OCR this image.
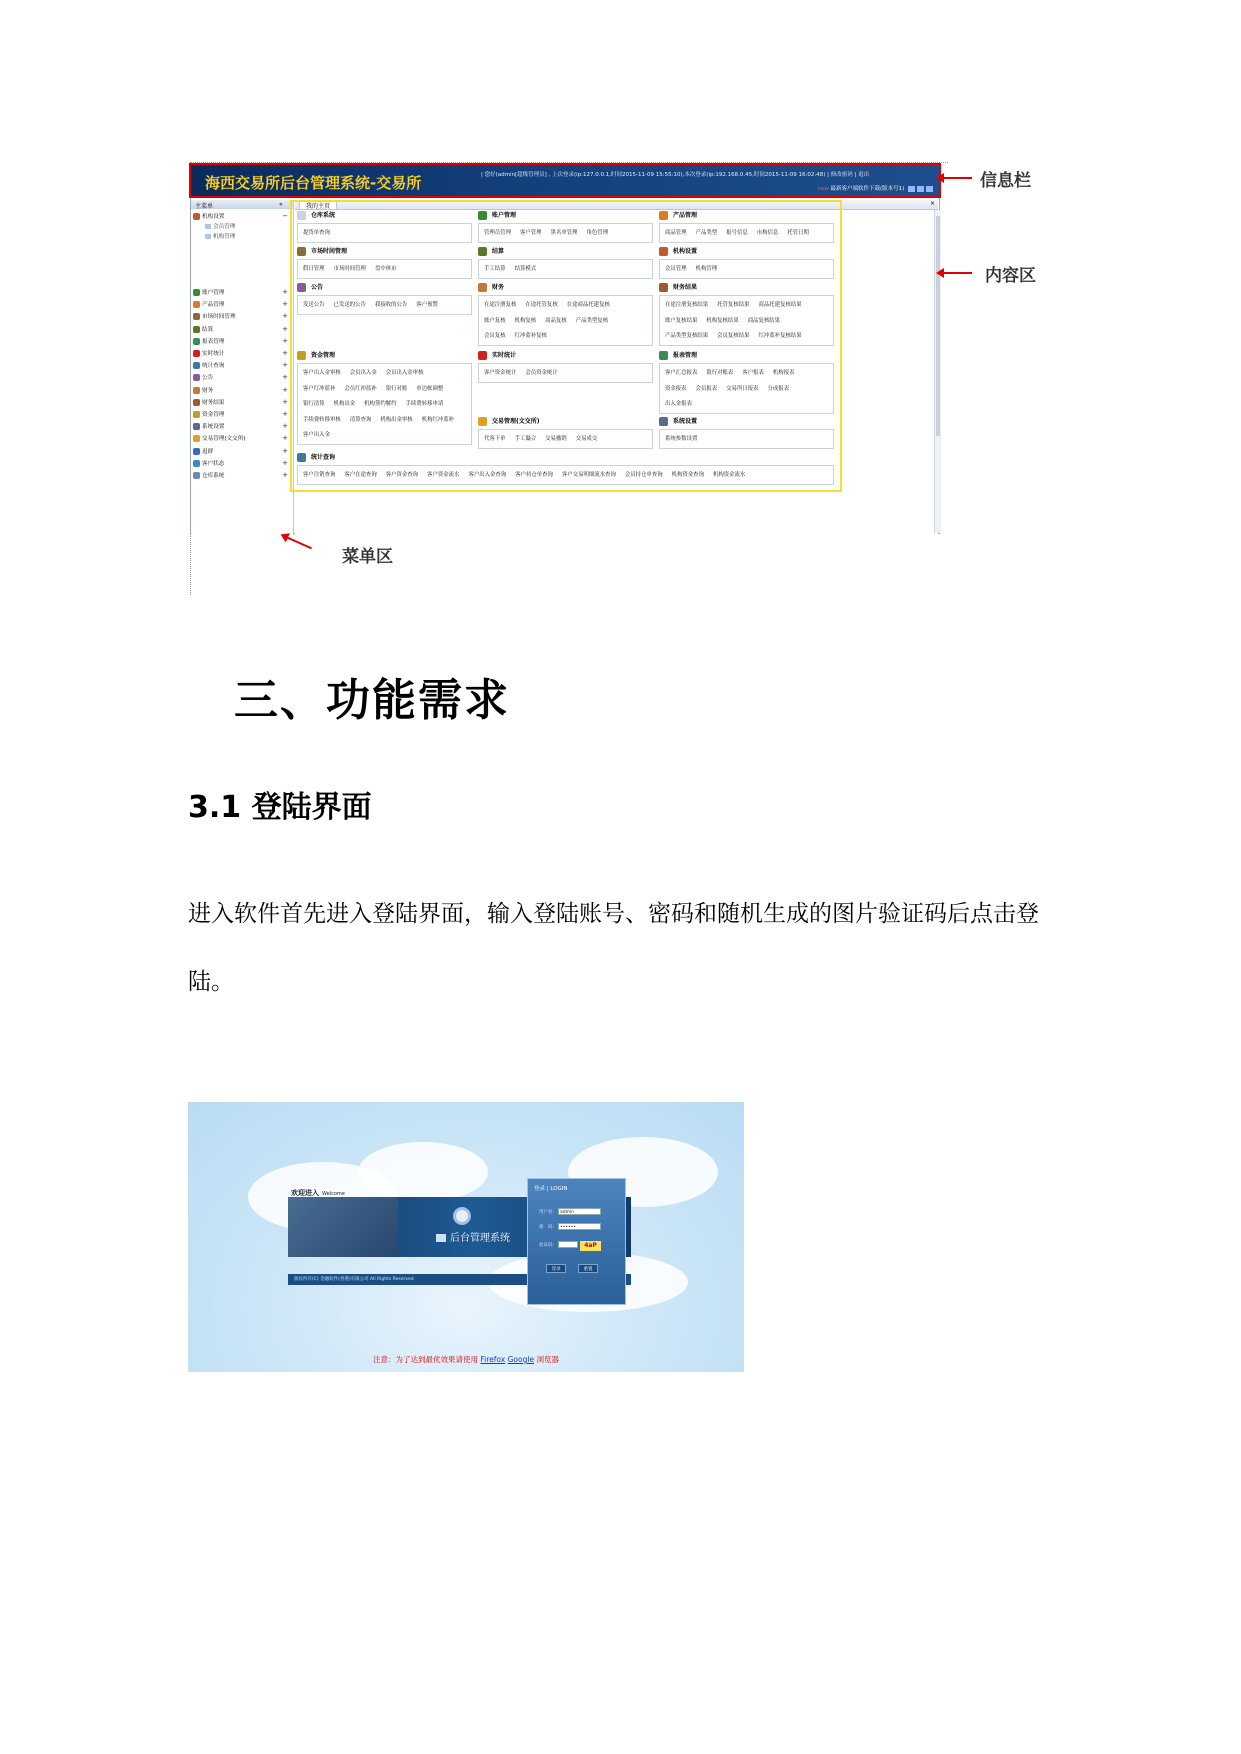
海西交易所后台管理系统-交易所	| 您好(admin[超级管理员] , 上次登录(ip:127.0.0.1,时间2015-11-09 15:55:10),本次登录(ip:192.168.0.45,时间2015-11-09 16:02:48) | 修改密码 | 退出
new 最新客户端软件下载(版本号1)
主菜单	«
机构设置	−
会员管理
机构管理
账户管理	+
产品管理	+
市场时间管理	+
结算	+
报表管理	+
实时统计	+
统计查询	+
公告	+
财务	+
财务结果	+
资金管理	+
系统设置	+
交易管理(文交所)	+
退群	+
客户状态	+
仓库系统	+
我的主页	×
仓库系统
提货单查询
账户管理
管理员管理 客户管理 黑名单管理 角色管理
产品管理
商品管理 产品类型 报号信息 市构信息 托管日期
市场时间管理
假日管理 市场时间管理 盘中休市
结算
手工结算 结算模式
机构设置
会员管理 机构管理
公告
发送公告 已发送的公告 我接收的公告 客户预警
财务
在途注册复核 在途托管复核 在途商品托建复核
账户复核 机构复核 商品复核 产品类型复核
会员复核 红冲蓝补复核
财务结果
在途注册复核结果 托管复核结果 商品托建复核结果
账户复核结果 机构复核结果 商品复核结果
产品类型复核结果 会员复核结果 红冲蓝补复核结果
资金管理
客户出入金审核 会员出入金 会员出入金审核
客户红冲蓝补 会员红冲蓝补 银行对账 单边帐调整
银行清算 机构出金 机构签约解约 手续费转移申请
手续费转移审核 清算查询 机构出金审核 机构红冲蓝补
客户出入金
实时统计
客户资金统计 会员资金统计
报表管理
客户汇总报表 银行对账表 客户报表 机构报表
资金报表 会员报表 交易所日报表 分成报表
出入金报表
交易管理(文交所)
代客下单 手工撮合 交易撤销 交易成交
系统设置
系统参数设置
统计查询
客户注销查询 客户在途查询 客户资金查询 客户资金流水 客户出入金查询 客户持仓单查询 客户交易明细流水查询 会员持仓单查询 机构资金查询 机构资金流水
信息栏
内容区
菜单区
三、功能需求
3.1 登陆界面
进入软件首先进入登陆界面，输入登陆账号、密码和随机生成的图片验证码后点击登陆。
欢迎进入 Welcome
后台管理系统
版权所有(C) 金融软件(香港)有限公司 All Rights Reserved
登录 | LOGIN
用户名:	admin
密　码:	••••••
验证码:	4aP
登录	重置
注意：为了达到最优效果请使用 Firefox Google 浏览器
